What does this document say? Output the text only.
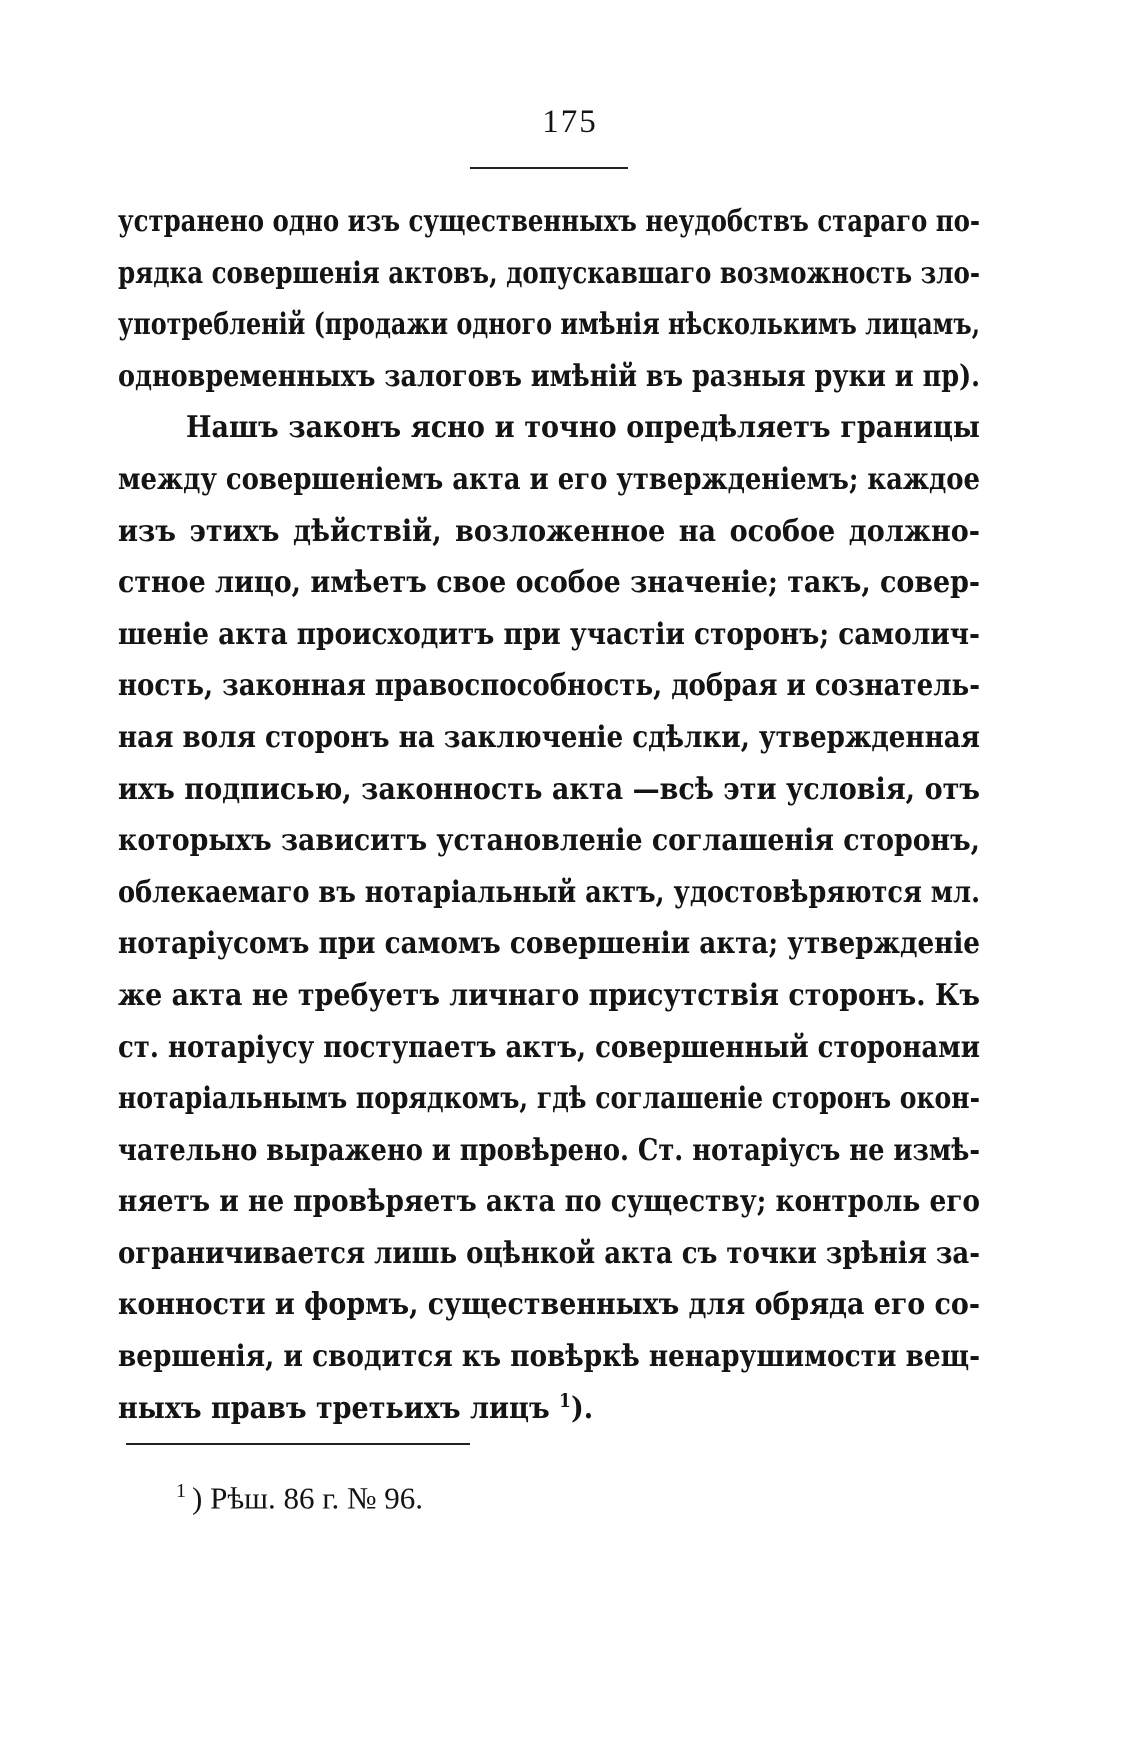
175
устранено одно изъ существенныхъ неудобствъ стараго по-
рядка совершенія актовъ, допускавшаго возможность зло-
употребленій (продажи одного имѣнія нѣсколькимъ лицамъ,
одновременныхъ залоговъ имѣній въ разныя руки и пр).
Нашъ законъ ясно и точно опредѣляетъ границы
между совершеніемъ акта и его утвержденіемъ; каждое
изъ этихъ дѣйствій, возложенное на особое должно-
стное лицо, имѣетъ свое особое значеніе; такъ, совер-
шеніе акта происходитъ при участіи сторонъ; самолич-
ность, законная правоспособность, добрая и сознатель-
ная воля сторонъ на заключеніе сдѣлки, утвержденная
ихъ подписью, законность акта —всѣ эти условія, отъ
которыхъ зависитъ установленіе соглашенія сторонъ,
облекаемаго въ нотаріальный актъ, удостовѣряются мл.
нотаріусомъ при самомъ совершеніи акта; утвержденіе
же акта не требуетъ личнаго присутствія сторонъ. Къ
ст. нотаріусу поступаетъ актъ, совершенный сторонами
нотаріальнымъ порядкомъ, гдѣ соглашеніе сторонъ окон-
чательно выражено и провѣрено. Ст. нотаріусъ не измѣ-
няетъ и не провѣряетъ акта по существу; контроль его
ограничивается лишь оцѣнкой акта съ точки зрѣнія за-
конности и формъ, существенныхъ для обряда его со-
вершенія, и сводится къ повѣркѣ ненарушимости вещ-
ныхъ правъ третьихъ лицъ $^1$).
$^1$ ) Рѣш. 86 г. № 96.
